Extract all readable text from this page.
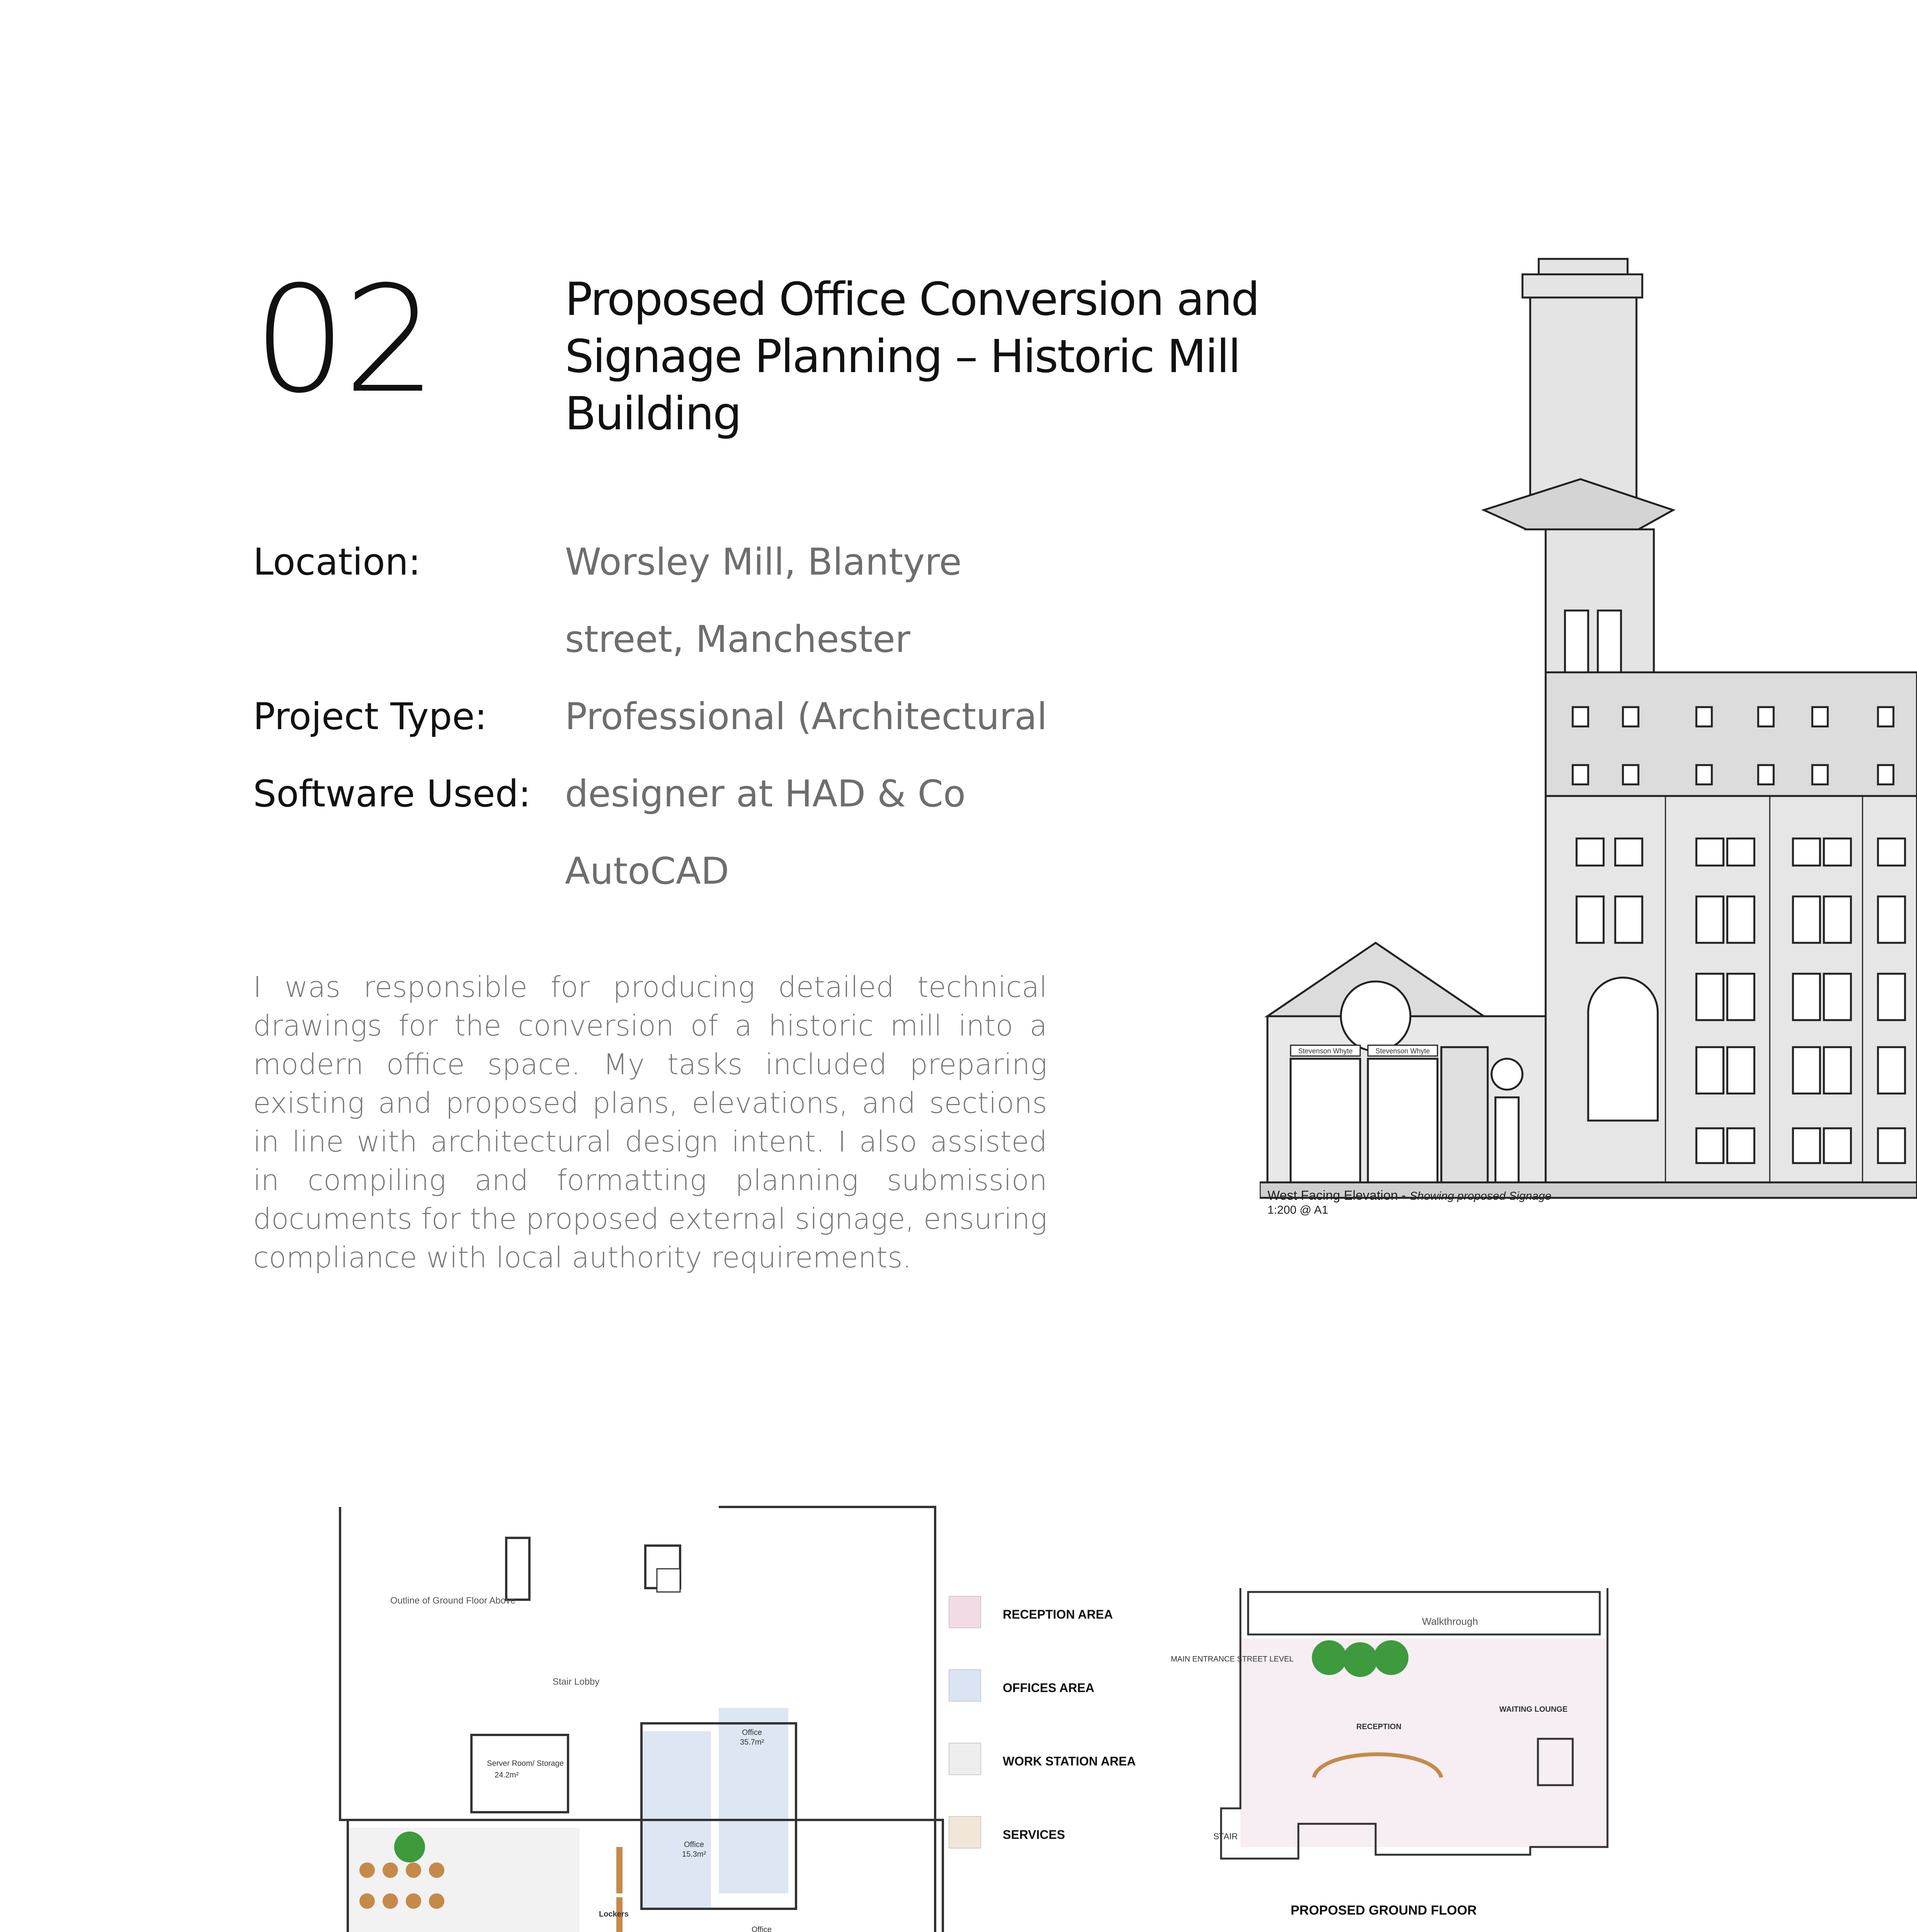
02	Proposed Office Conversion and Signage Planning – Historic Mill Building
Location:	Worsley Mill, Blantyre
street, Manchester
Project Type: Professional (Architectural
Software Used: designer at HAD & Co
AutoCAD
I was responsible for producing detailed technical drawings for the conversion of a historic mill into a modern office space. My tasks included preparing existing and proposed plans, elevations, and sections in line with architectural design intent. I also assisted in compiling and formatting planning submission documents for the proposed external signage, ensuring compliance with local authority requirements.
Stevenson Whyte	Stevenson Whyte
West Facing Elevation - Showing proposed Signage
1:200 @ A1
Outline of Ground Floor Above
Stair Lobby
Server Room/ Storage
24.2m²
Office
35.7m²
Office
15.3m²
Office
Lockers
RECEPTION AREA
OFFICES AREA
WORK STATION AREA
SERVICES
Walkthrough
MAIN ENTRANCE STREET LEVEL
RECEPTION
WAITING LOUNGE
STAIR
PROPOSED GROUND FLOOR
